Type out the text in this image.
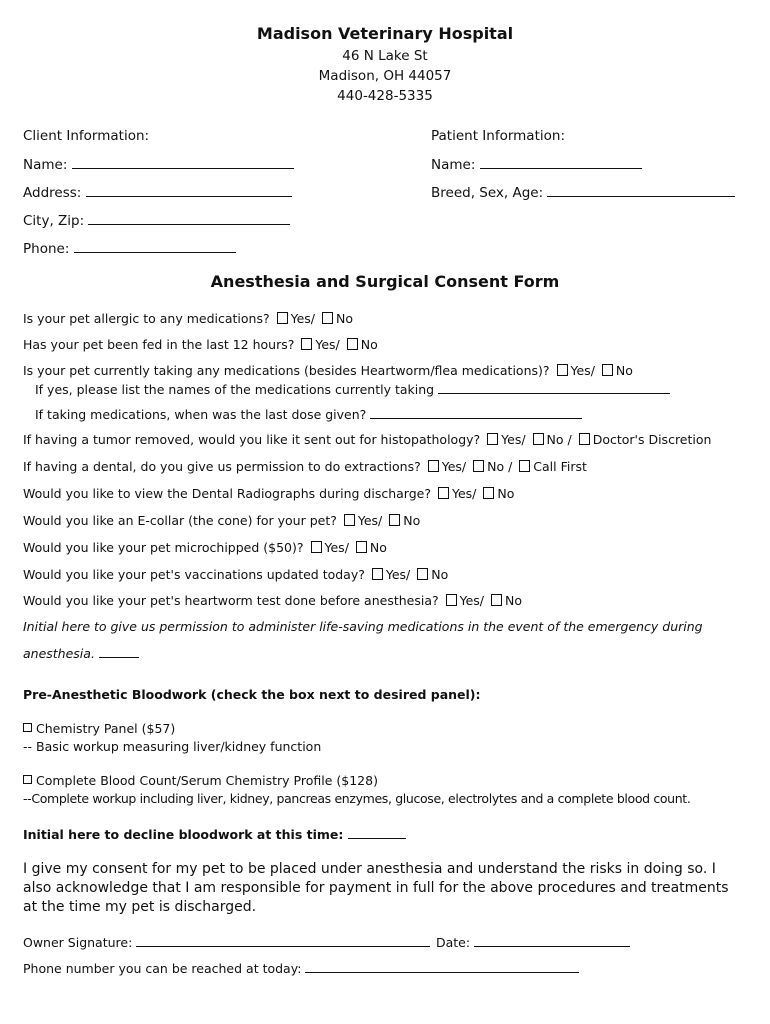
Madison Veterinary Hospital
46 N Lake St
Madison, OH 44057
440-428-5335
Client Information:
Name:
Address:
City, Zip:
Phone:
Patient Information:
Name:
Breed, Sex, Age:
Anesthesia and Surgical Consent Form
Is your pet allergic to any medications? Yes/ No
Has your pet been fed in the last 12 hours? Yes/ No
Is your pet currently taking any medications (besides Heartworm/flea medications)? Yes/ No
If yes, please list the names of the medications currently taking
If taking medications, when was the last dose given?
If having a tumor removed, would you like it sent out for histopathology? Yes/ No / Doctor's Discretion
If having a dental, do you give us permission to do extractions? Yes/ No / Call First
Would you like to view the Dental Radiographs during discharge? Yes/ No
Would you like an E-collar (the cone) for your pet? Yes/ No
Would you like your pet microchipped ($50)? Yes/ No
Would you like your pet's vaccinations updated today? Yes/ No
Would you like your pet's heartworm test done before anesthesia? Yes/ No
Initial here to give us permission to administer life-saving medications in the event of the emergency during
anesthesia.
Pre-Anesthetic Bloodwork (check the box next to desired panel):
Chemistry Panel ($57)
-- Basic workup measuring liver/kidney function
Complete Blood Count/Serum Chemistry Profile ($128)
--Complete workup including liver, kidney, pancreas enzymes, glucose, electrolytes and a complete blood count.
Initial here to decline bloodwork at this time:
I give my consent for my pet to be placed under anesthesia and understand the risks in doing so. I also acknowledge that I am responsible for payment in full for the above procedures and treatments at the time my pet is discharged.
Owner Signature:	Date:
Phone number you can be reached at today:
